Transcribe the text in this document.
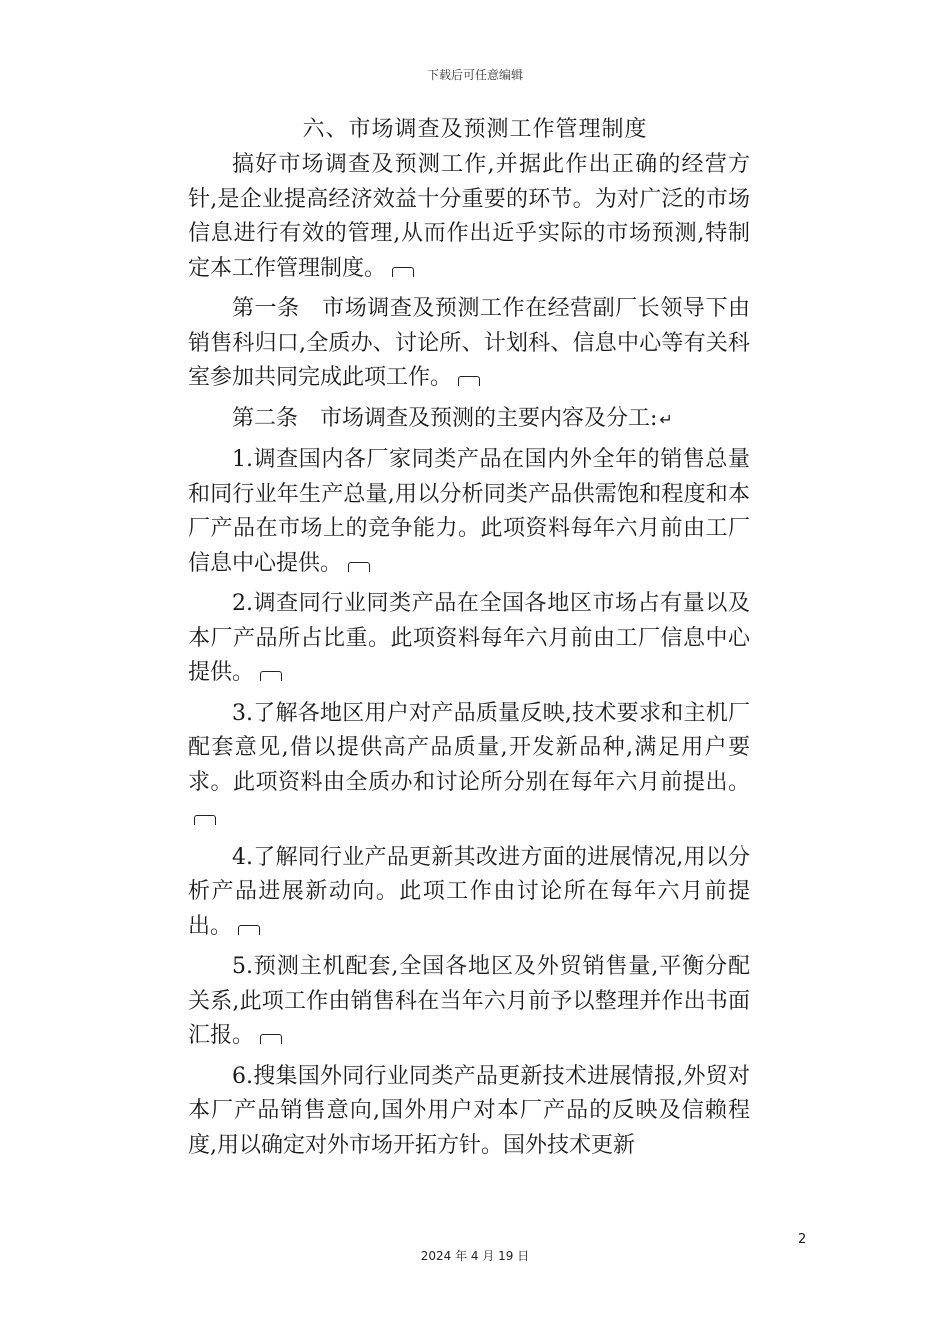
下载后可任意编辑
六、市场调查及预测工作管理制度

搞好市场调查及预测工作,并据此作出正确的经营方针,是企业提高经济效益十分重要的环节。为对广泛的市场信息进行有效的管理,从而作出近乎实际的市场预测,特制定本工作管理制度。

第一条　市场调查及预测工作在经营副厂长领导下由销售科归口,全质办、讨论所、计划科、信息中心等有关科室参加共同完成此项工作。

第二条　市场调查及预测的主要内容及分工: ↵

1.调查国内各厂家同类产品在国内外全年的销售总量和同行业年生产总量,用以分析同类产品供需饱和程度和本厂产品在市场上的竞争能力。此项资料每年六月前由工厂信息中心提供。

2.调查同行业同类产品在全国各地区市场占有量以及本厂产品所占比重。此项资料每年六月前由工厂信息中心提供。

3.了解各地区用户对产品质量反映,技术要求和主机厂配套意见,借以提供高产品质量,开发新品种,满足用户要求。此项资料由全质办和讨论所分别在每年六月前提出。

4.了解同行业产品更新其改进方面的进展情况,用以分析产品进展新动向。此项工作由讨论所在每年六月前提出。

5.预测主机配套,全国各地区及外贸销售量,平衡分配关系,此项工作由销售科在当年六月前予以整理并作出书面汇报。

6.搜集国外同行业同类产品更新技术进展情报,外贸对本厂产品销售意向,国外用户对本厂产品的反映及信赖程度,用以确定对外市场开拓方针。国外技术更新

2
2024 年 4 月 19 日
